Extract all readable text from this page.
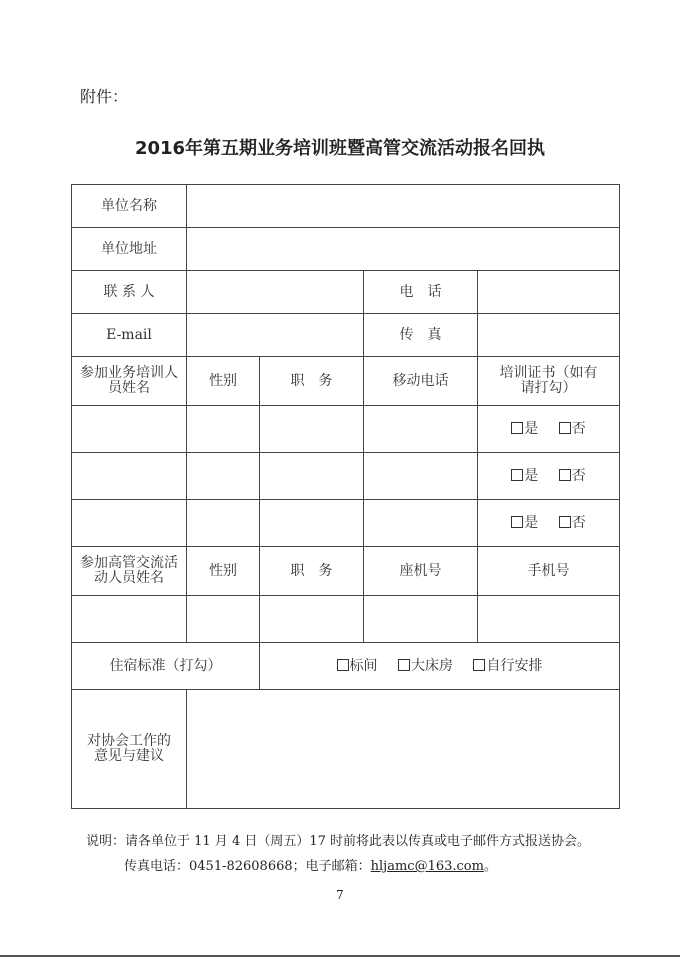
附件：
2016年第五期业务培训班暨高管交流活动报名回执
单位名称				
单位地址				
联 系 人			电　话	
E-mail			传　真	
参加业务培训人员姓名	性别	职　务	移动电话	培训证书（如有请打勾）
				是 否
				是 否
				是 否
参加高管交流活动人员姓名	性别	职　务	座机号	手机号

住宿标准（打勾）		标间 大床房 自行安排		
对协会工作的意见与建议				
说明：请各单位于 11 月 4 日（周五）17 时前将此表以传真或电子邮件方式报送协会。
传真电话：0451-82608668；电子邮箱：hljamc@163.com。
7
